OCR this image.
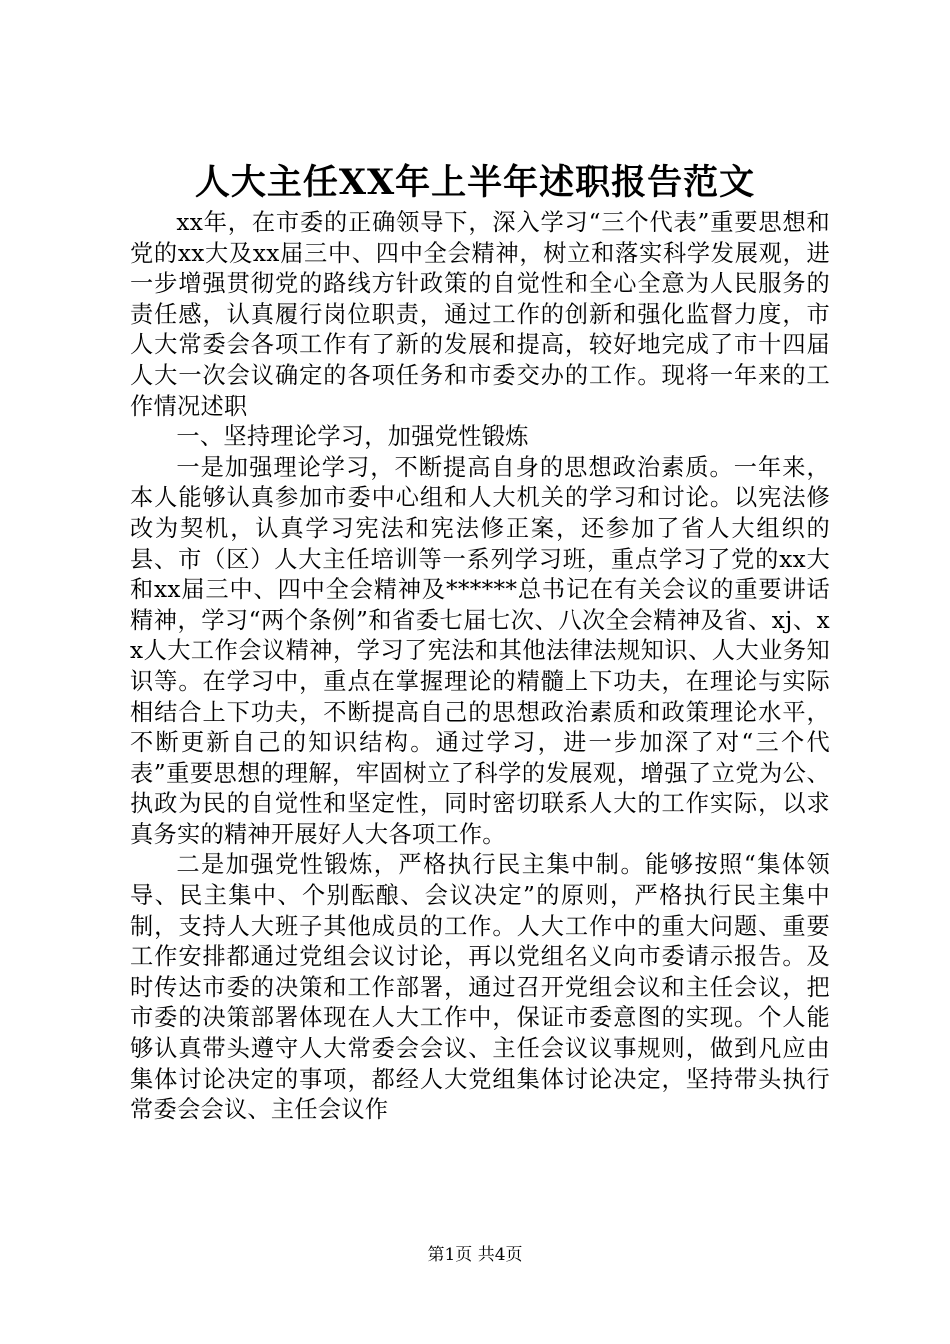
人大主任XX年上半年述职报告范文

xx年，在市委的正确领导下，深入学习“三个代表”重要思想和党的xx大及xx届三中、四中全会精神，树立和落实科学发展观，进一步增强贯彻党的路线方针政策的自觉性和全心全意为人民服务的责任感，认真履行岗位职责，通过工作的创新和强化监督力度，市人大常委会各项工作有了新的发展和提高，较好地完成了市十四届人大一次会议确定的各项任务和市委交办的工作。现将一年来的工作情况述职

一、坚持理论学习，加强党性锻炼

一是加强理论学习，不断提高自身的思想政治素质。一年来，本人能够认真参加市委中心组和人大机关的学习和讨论。以宪法修改为契机，认真学习宪法和宪法修正案，还参加了省人大组织的县、市（区）人大主任培训等一系列学习班，重点学习了党的xx大和xx届三中、四中全会精神及******总书记在有关会议的重要讲话精神，学习“两个条例”和省委七届七次、八次全会精神及省、xj、xx人大工作会议精神，学习了宪法和其他法律法规知识、人大业务知识等。在学习中，重点在掌握理论的精髓上下功夫，在理论与实际相结合上下功夫，不断提高自己的思想政治素质和政策理论水平，不断更新自己的知识结构。通过学习，进一步加深了对“三个代表”重要思想的理解，牢固树立了科学的发展观，增强了立党为公、执政为民的自觉性和坚定性，同时密切联系人大的工作实际，以求真务实的精神开展好人大各项工作。

二是加强党性锻炼，严格执行民主集中制。能够按照“集体领导、民主集中、个别酝酿、会议决定”的原则，严格执行民主集中制，支持人大班子其他成员的工作。人大工作中的重大问题、重要工作安排都通过党组会议讨论，再以党组名义向市委请示报告。及时传达市委的决策和工作部署，通过召开党组会议和主任会议，把市委的决策部署体现在人大工作中，保证市委意图的实现。个人能够认真带头遵守人大常委会会议、主任会议议事规则，做到凡应由集体讨论决定的事项，都经人大党组集体讨论决定，坚持带头执行常委会会议、主任会议作

第1页 共4页
